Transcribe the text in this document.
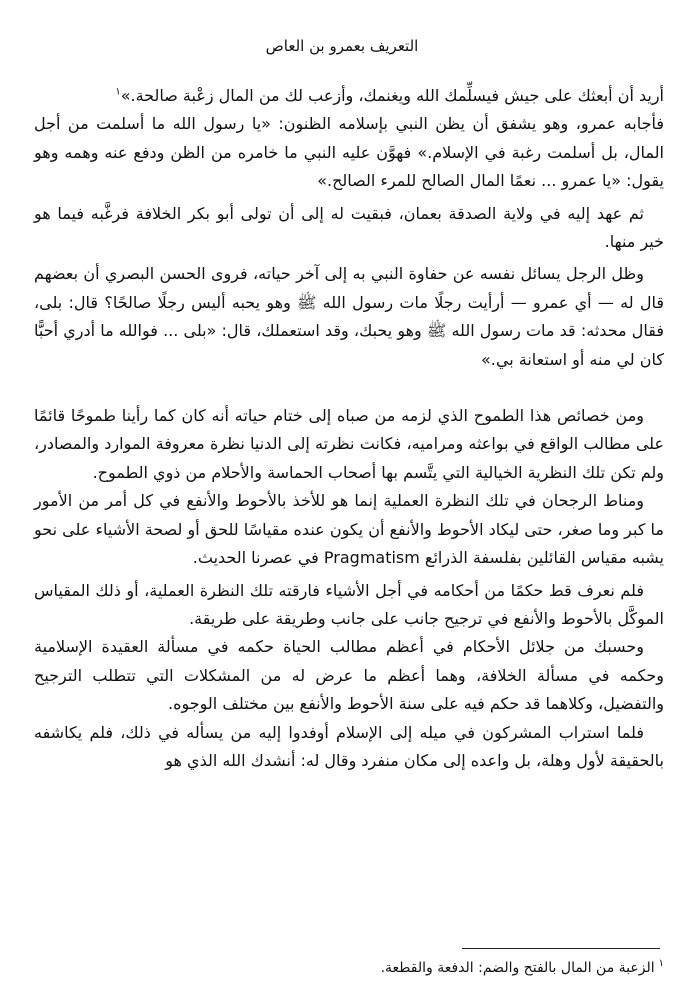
التعريف بعمرو بن العاص

أريد أن أبعثك على جيش فيسلِّمك الله ويغنمك، وأزعب لك من المال زعْبة صالحة.»$^١$

فأجابه عمرو، وهو يشفق أن يظن النبي بإسلامه الظنون: «يا رسول الله ما أسلمت من أجل المال، بل أسلمت رغبة في الإسلام.» فهوَّن عليه النبي ما خامره من الظن ودفع عنه وهمه وهو يقول: «يا عمرو ... نعمًا المال الصالح للمرء الصالح.»

ثم عهد إليه في ولاية الصدقة بعمان، فبقيت له إلى أن تولى أبو بكر الخلافة فرغَّبه فيما هو خير منها.

وظل الرجل يسائل نفسه عن حفاوة النبي به إلى آخر حياته، فروى الحسن البصري أن بعضهم قال له — أي عمرو — أرأيت رجلًا مات رسول الله ﷺ وهو يحبه أليس رجلًا صالحًا؟ قال: بلى، فقال محدثه: قد مات رسول الله ﷺ وهو يحبك، وقد استعملك، قال: «بلى ... فوالله ما أدري أحبًّا كان لي منه أو استعانة بي.»

ومن خصائص هذا الطموح الذي لزمه من صباه إلى ختام حياته أنه كان كما رأينا طموحًا قائمًا على مطالب الواقع في بواعثه ومراميه، فكانت نظرته إلى الدنيا نظرة معروفة الموارد والمصادر، ولم تكن تلك النظرية الخيالية التي يتَّسم بها أصحاب الحماسة والأحلام من ذوي الطموح.

ومناط الرجحان في تلك النظرة العملية إنما هو للأخذ بالأحوط والأنفع في كل أمر من الأمور ما كبر وما صغر، حتى ليكاد الأحوط والأنفع أن يكون عنده مقياسًا للحق أو لصحة الأشياء على نحو يشبه مقياس القائلين بفلسفة الذرائع Pragmatism في عصرنا الحديث.

فلم نعرف قط حكمًا من أحكامه في أجل الأشياء فارقته تلك النظرة العملية، أو ذلك المقياس الموكَّل بالأحوط والأنفع في ترجيح جانب على جانب وطريقة على طريقة.

وحسبك من جلائل الأحكام في أعظم مطالب الحياة حكمه في مسألة العقيدة الإسلامية وحكمه في مسألة الخلافة، وهما أعظم ما عرض له من المشكلات التي تتطلب الترجيح والتفضيل، وكلاهما قد حكم فيه على سنة الأحوط والأنفع بين مختلف الوجوه.

فلما استراب المشركون في ميله إلى الإسلام أوفدوا إليه من يسأله في ذلك، فلم يكاشفه بالحقيقة لأول وهلة، بل واعده إلى مكان منفرد وقال له: أنشدك الله الذي هو

$^١$الزعبة من المال بالفتح والضم: الدفعة والقطعة.
